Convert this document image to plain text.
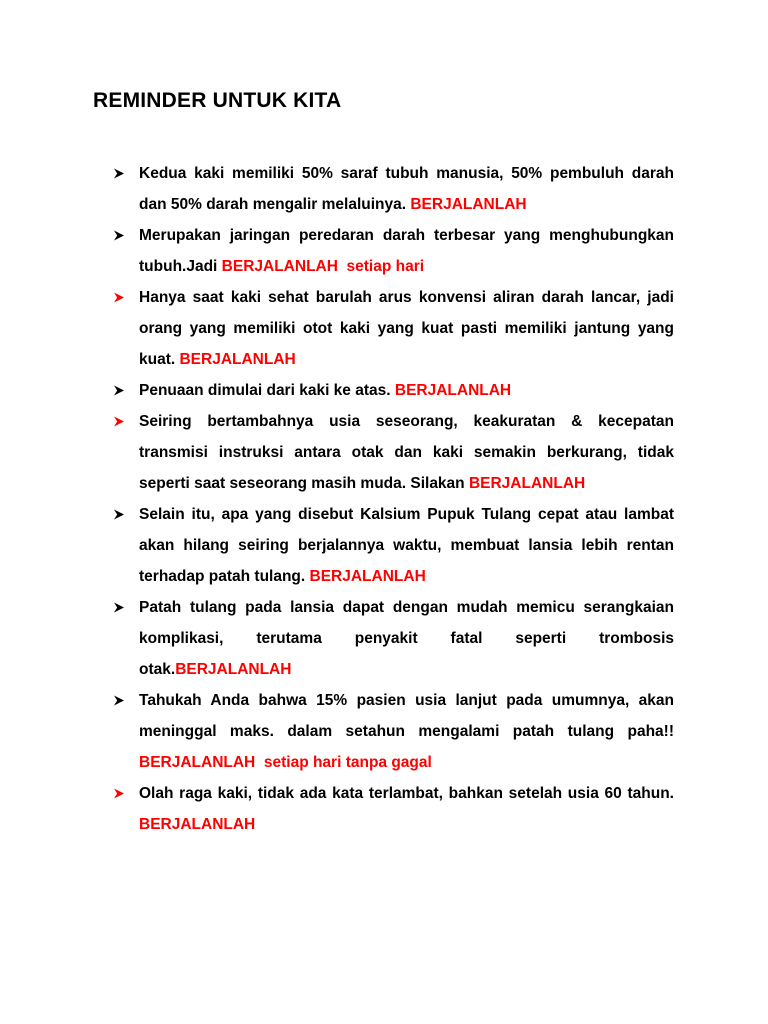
REMINDER UNTUK KITA
Kedua kaki memiliki 50% saraf tubuh manusia, 50% pembuluh darah dan 50% darah mengalir melaluinya. BERJALANLAH
Merupakan jaringan peredaran darah terbesar yang menghubungkan tubuh.Jadi BERJALANLAH  setiap hari
Hanya saat kaki sehat barulah arus konvensi aliran darah lancar, jadi orang yang memiliki otot kaki yang kuat pasti memiliki jantung yang kuat. BERJALANLAH
Penuaan dimulai dari kaki ke atas. BERJALANLAH
Seiring bertambahnya usia seseorang, keakuratan & kecepatan transmisi instruksi antara otak dan kaki semakin berkurang, tidak seperti saat seseorang masih muda. Silakan BERJALANLAH
Selain itu, apa yang disebut Kalsium Pupuk Tulang cepat atau lambat akan hilang seiring berjalannya waktu, membuat lansia lebih rentan terhadap patah tulang. BERJALANLAH
Patah tulang pada lansia dapat dengan mudah memicu serangkaian komplikasi, terutama penyakit fatal seperti trombosis otak.BERJALANLAH
Tahukah Anda bahwa 15% pasien usia lanjut pada umumnya, akan meninggal maks. dalam setahun mengalami patah tulang paha!! BERJALANLAH  setiap hari tanpa gagal
Olah raga kaki, tidak ada kata terlambat, bahkan setelah usia 60 tahun. BERJALANLAH
